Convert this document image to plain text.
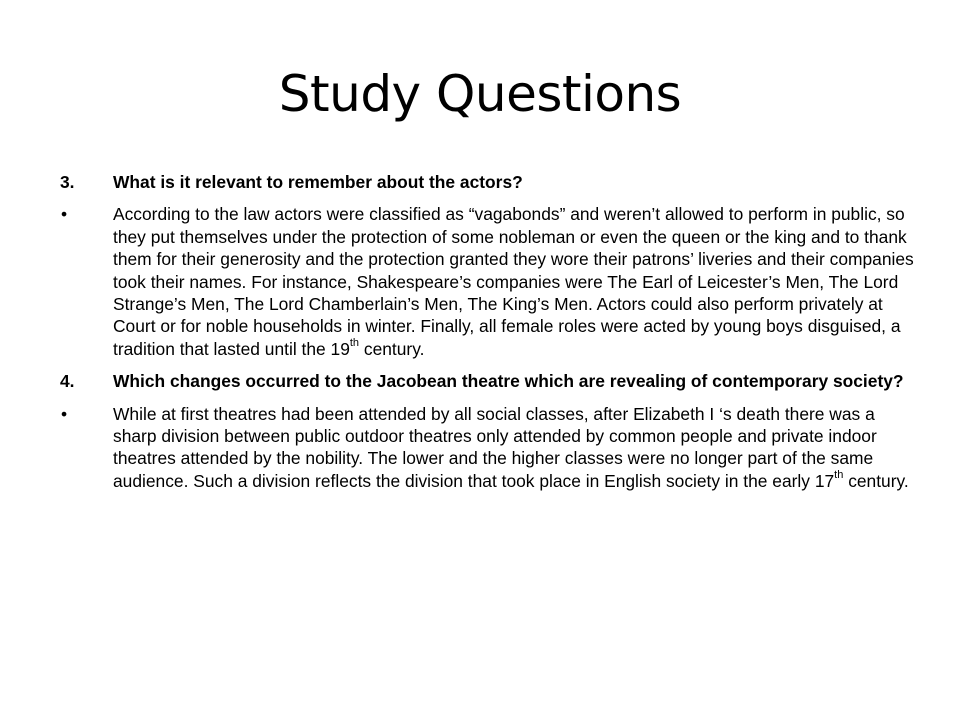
Study Questions
3. What is it relevant to remember about the actors?
•	According to the law actors were classified as “vagabonds” and weren’t allowed to perform in public, so they put themselves under the protection of some nobleman or even the queen or the king and to thank them for their generosity and the protection granted they wore their patrons’ liveries and their companies took their names. For instance, Shakespeare’s companies were The Earl of Leicester’s Men, The Lord Strange’s Men, The Lord Chamberlain’s Men, The King’s Men. Actors could also perform privately at Court or for noble households in winter. Finally, all female roles were acted by young boys disguised, a tradition that lasted until the 19th century.
4. Which changes occurred to the Jacobean theatre which are revealing of contemporary society?
•	While at first theatres had been attended by all social classes, after Elizabeth I ‘s death there was a sharp division between public outdoor theatres only attended by common people and private indoor theatres attended by the nobility. The lower and the higher classes were no longer part of the same audience. Such a division reflects the division that took place in English society in the early 17th century.
